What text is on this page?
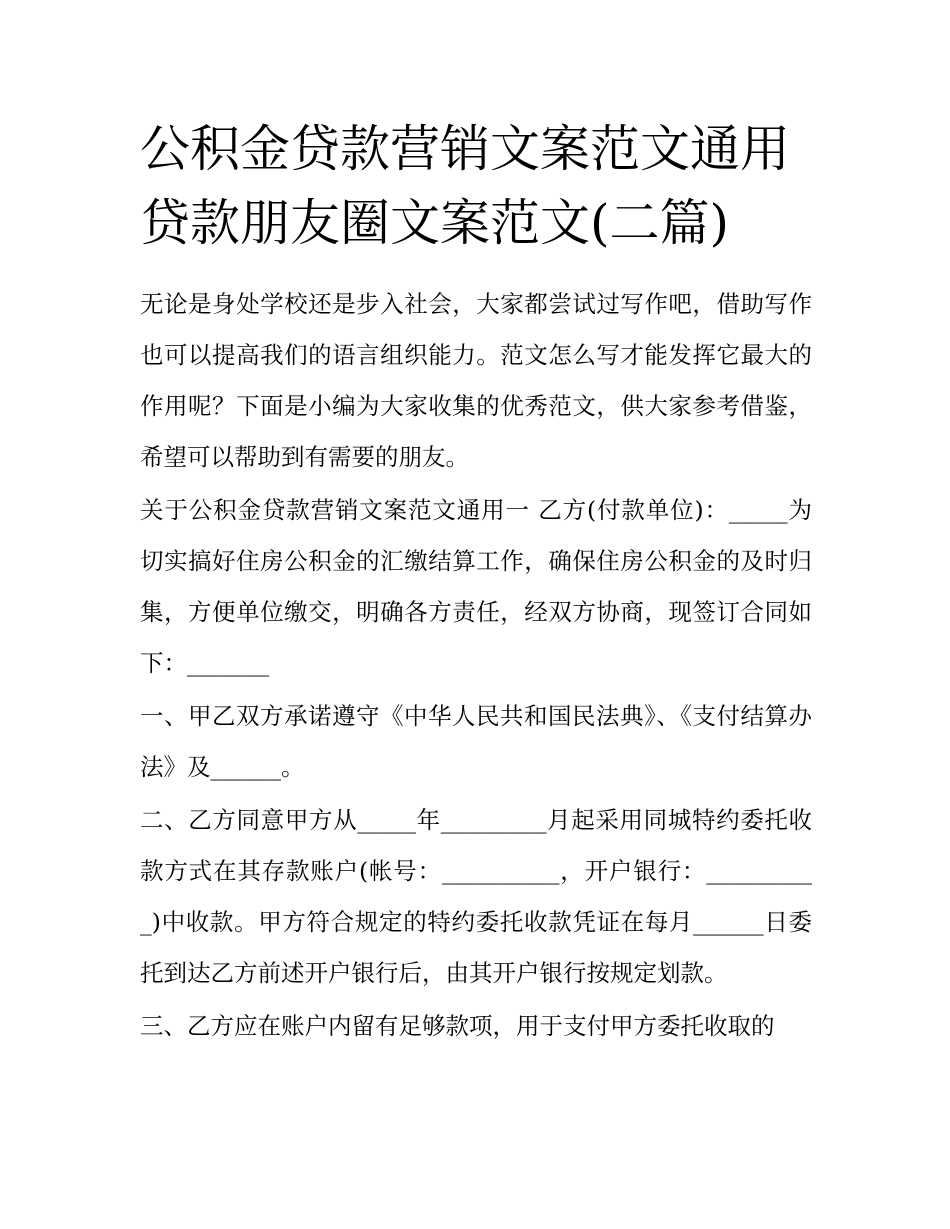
公积金贷款营销文案范文通用贷款朋友圈文案范文(二篇)

无论是身处学校还是步入社会，大家都尝试过写作吧，借助写作也可以提高我们的语言组织能力。范文怎么写才能发挥它最大的作用呢？下面是小编为大家收集的优秀范文，供大家参考借鉴，希望可以帮助到有需要的朋友。

关于公积金贷款营销文案范文通用一 乙方(付款单位)：_____为切实搞好住房公积金的汇缴结算工作，确保住房公积金的及时归集，方便单位缴交，明确各方责任，经双方协商，现签订合同如下：_______

一、甲乙双方承诺遵守《中华人民共和国民法典》、《支付结算办法》及______。

二、乙方同意甲方从_____年_________月起采用同城特约委托收款方式在其存款账户(帐号：__________，开户银行：__________)中收款。甲方符合规定的特约委托收款凭证在每月______日委托到达乙方前述开户银行后，由其开户银行按规定划款。

三、乙方应在账户内留有足够款项，用于支付甲方委托收取的
